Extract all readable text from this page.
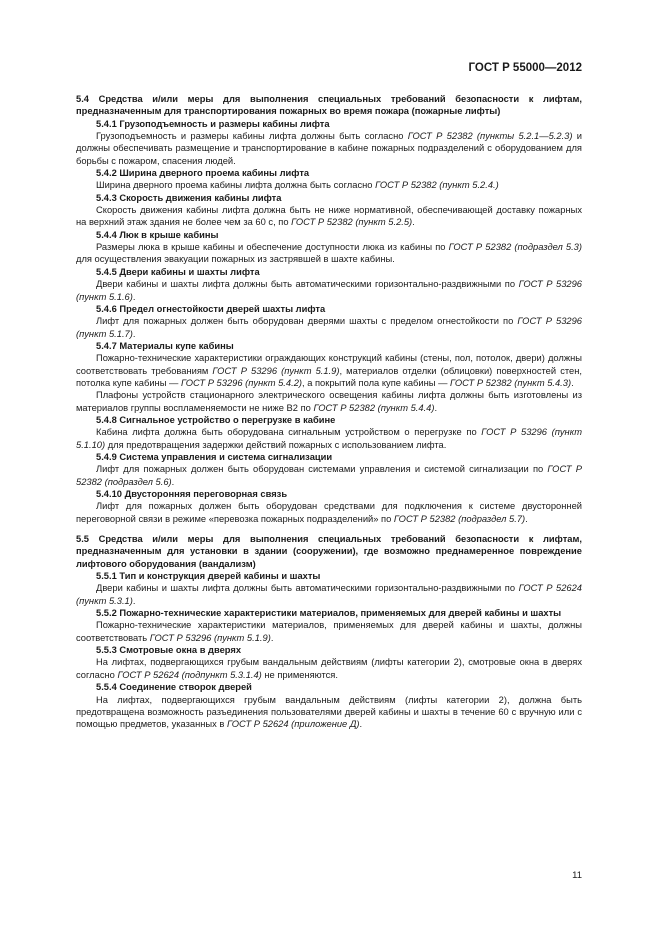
ГОСТ Р 55000—2012

5.4 Средства и/или меры для выполнения специальных требований безопасности к лифтам, предназначенным для транспортирования пожарных во время пожара (пожарные лифты)

5.4.1 Грузоподъемность и размеры кабины лифта

Грузоподъемность и размеры кабины лифта должны быть согласно ГОСТ Р 52382 (пункты 5.2.1—5.2.3) и должны обеспечивать размещение и транспортирование в кабине пожарных подразделений с оборудованием для борьбы с пожаром, спасения людей.

5.4.2 Ширина дверного проема кабины лифта

Ширина дверного проема кабины лифта должна быть согласно ГОСТ Р 52382 (пункт 5.2.4.)

5.4.3 Скорость движения кабины лифта

Скорость движения кабины лифта должна быть не ниже нормативной, обеспечивающей доставку пожарных на верхний этаж здания не более чем за 60 с, по ГОСТ Р 52382 (пункт 5.2.5).

5.4.4 Люк в крыше кабины

Размеры люка в крыше кабины и обеспечение доступности люка из кабины по ГОСТ Р 52382 (подраздел 5.3) для осуществления эвакуации пожарных из застрявшей в шахте кабины.

5.4.5 Двери кабины и шахты лифта

Двери кабины и шахты лифта должны быть автоматическими горизонтально-раздвижными по ГОСТ Р 53296 (пункт 5.1.6).

5.4.6 Предел огнестойкости дверей шахты лифта

Лифт для пожарных должен быть оборудован дверями шахты с пределом огнестойкости по ГОСТ Р 53296 (пункт 5.1.7).

5.4.7 Материалы купе кабины

Пожарно-технические характеристики ограждающих конструкций кабины (стены, пол, потолок, двери) должны соответствовать требованиям ГОСТ Р 53296 (пункт 5.1.9), материалов отделки (облицовки) поверхностей стен, потолка купе кабины — ГОСТ Р 53296 (пункт 5.4.2), а покрытий пола купе кабины — ГОСТ Р 52382 (пункт 5.4.3).

Плафоны устройств стационарного электрического освещения кабины лифта должны быть изготовлены из материалов группы воспламеняемости не ниже В2 по ГОСТ Р 52382 (пункт 5.4.4).

5.4.8 Сигнальное устройство о перегрузке в кабине

Кабина лифта должна быть оборудована сигнальным устройством о перегрузке по ГОСТ Р 53296 (пункт 5.1.10) для предотвращения задержки действий пожарных с использованием лифта.

5.4.9 Система управления и система сигнализации

Лифт для пожарных должен быть оборудован системами управления и системой сигнализации по ГОСТ Р 52382 (подраздел 5.6).

5.4.10 Двусторонняя переговорная связь

Лифт для пожарных должен быть оборудован средствами для подключения к системе двусторонней переговорной связи в режиме «перевозка пожарных подразделений» по ГОСТ Р 52382 (подраздел 5.7).

5.5 Средства и/или меры для выполнения специальных требований безопасности к лифтам, предназначенным для установки в здании (сооружении), где возможно преднамеренное повреждение лифтового оборудования (вандализм)

5.5.1 Тип и конструкция дверей кабины и шахты

Двери кабины и шахты лифта должны быть автоматическими горизонтально-раздвижными по ГОСТ Р 52624 (пункт 5.3.1).

5.5.2 Пожарно-технические характеристики материалов, применяемых для дверей кабины и шахты

Пожарно-технические характеристики материалов, применяемых для дверей кабины и шахты, должны соответствовать ГОСТ Р 53296 (пункт 5.1.9).

5.5.3 Смотровые окна в дверях

На лифтах, подвергающихся грубым вандальным действиям (лифты категории 2), смотровые окна в дверях согласно ГОСТ Р 52624 (подпункт 5.3.1.4) не применяются.

5.5.4 Соединение створок дверей

На лифтах, подвергающихся грубым вандальным действиям (лифты категории 2), должна быть предотвращена возможность разъединения пользователями дверей кабины и шахты в течение 60 с вручную или с помощью предметов, указанных в ГОСТ Р 52624 (приложение Д).

11
